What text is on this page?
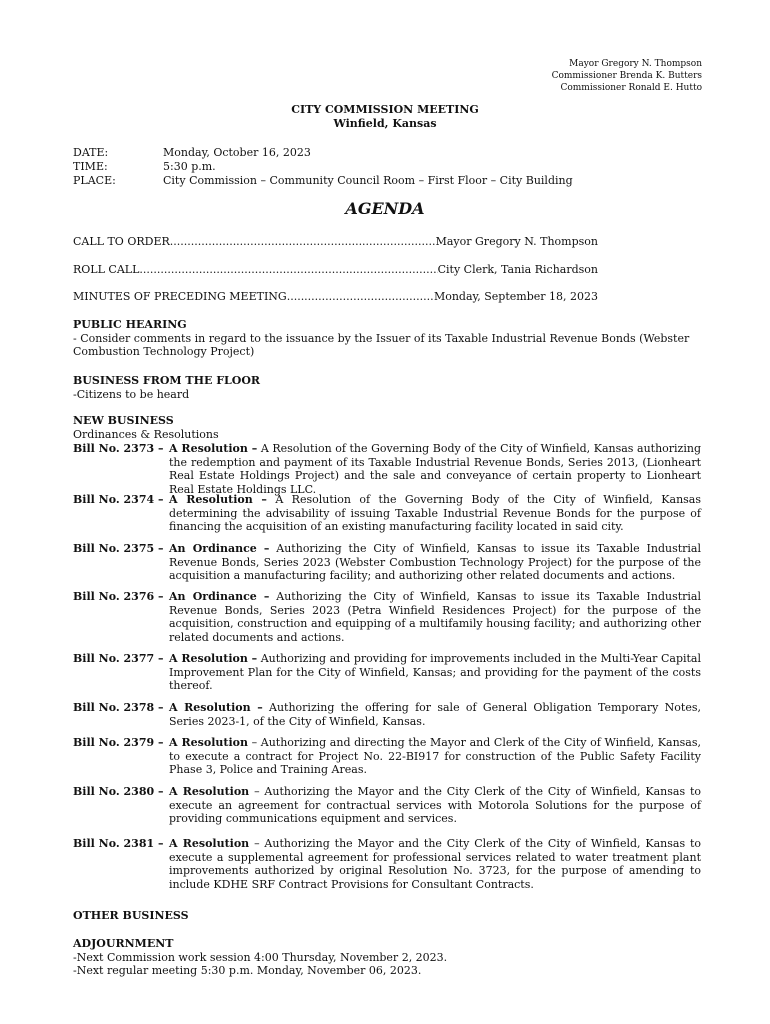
Mayor Gregory N. Thompson
Commissioner Brenda K. Butters
Commissioner Ronald E. Hutto
CITY COMMISSION MEETING
Winfield, Kansas
DATE:	Monday, October 16, 2023
TIME:	5:30 p.m.
PLACE:	City Commission – Community Council Room – First Floor – City Building
AGENDA
CALL TO ORDER .....	Mayor Gregory N. Thompson
ROLL CALL .....	City Clerk, Tania Richardson
MINUTES OF PRECEDING MEETING .....	Monday, September 18, 2023
PUBLIC HEARING
- Consider comments in regard to the issuance by the Issuer of its Taxable Industrial Revenue Bonds (Webster Combustion Technology Project)
BUSINESS FROM THE FLOOR
-Citizens to be heard
NEW BUSINESS
Ordinances & Resolutions
Bill No. 2373 – A Resolution – A Resolution of the Governing Body of the City of Winfield, Kansas authorizing the redemption and payment of its Taxable Industrial Revenue Bonds, Series 2013, (Lionheart Real Estate Holdings Project) and the sale and conveyance of certain property to Lionheart Real Estate Holdings LLC.
Bill No. 2374 – A Resolution – A Resolution of the Governing Body of the City of Winfield, Kansas determining the advisability of issuing Taxable Industrial Revenue Bonds for the purpose of financing the acquisition of an existing manufacturing facility located in said city.
Bill No. 2375 – An Ordinance – Authorizing the City of Winfield, Kansas to issue its Taxable Industrial Revenue Bonds, Series 2023 (Webster Combustion Technology Project) for the purpose of the acquisition a manufacturing facility; and authorizing other related documents and actions.
Bill No. 2376 – An Ordinance – Authorizing the City of Winfield, Kansas to issue its Taxable Industrial Revenue Bonds, Series 2023 (Petra Winfield Residences Project) for the purpose of the acquisition, construction and equipping of a multifamily housing facility; and authorizing other related documents and actions.
Bill No. 2377 – A Resolution – Authorizing and providing for improvements included in the Multi-Year Capital Improvement Plan for the City of Winfield, Kansas; and providing for the payment of the costs thereof.
Bill No. 2378 – A Resolution – Authorizing the offering for sale of General Obligation Temporary Notes, Series 2023-1, of the City of Winfield, Kansas.
Bill No. 2379 – A Resolution – Authorizing and directing the Mayor and Clerk of the City of Winfield, Kansas, to execute a contract for Project No. 22-BI917 for construction of the Public Safety Facility Phase 3, Police and Training Areas.
Bill No. 2380 – A Resolution – Authorizing the Mayor and the City Clerk of the City of Winfield, Kansas to execute an agreement for contractual services with Motorola Solutions for the purpose of providing communications equipment and services.
Bill No. 2381 – A Resolution – Authorizing the Mayor and the City Clerk of the City of Winfield, Kansas to execute a supplemental agreement for professional services related to water treatment plant improvements authorized by original Resolution No. 3723, for the purpose of amending to include KDHE SRF Contract Provisions for Consultant Contracts.
OTHER BUSINESS
ADJOURNMENT
-Next Commission work session 4:00 Thursday, November 2, 2023.
-Next regular meeting 5:30 p.m. Monday, November 06, 2023.
